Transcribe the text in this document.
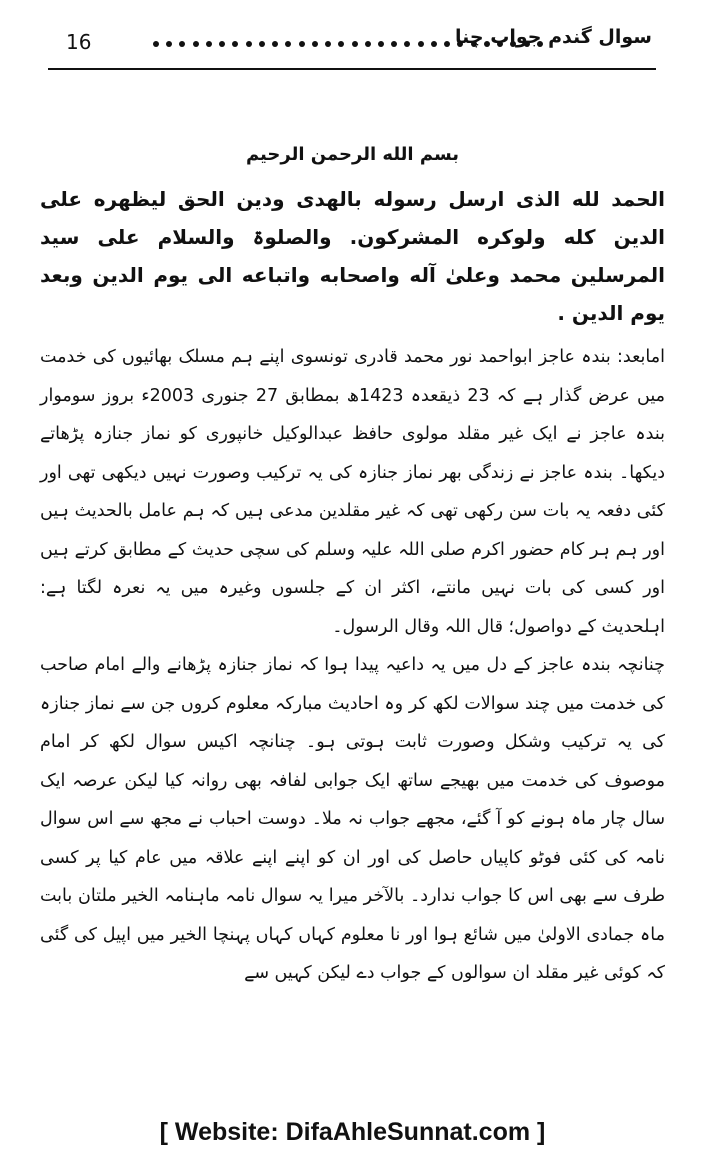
16	سوال گندم جواب چنا

بسم الله الرحمن الرحیم

الحمد لله الذی ارسل رسوله بالهدی ودین الحق لیظهره علی الدین کله ولوکره المشرکون. والصلوۃ والسلام علی سید المرسلین محمد وعلیٰ آله واصحابه واتباعه الی یوم الدین وبعد یوم الدین .

امابعد: بندہ عاجز ابواحمد نور محمد قادری تونسوی اپنے ہم مسلک بھائیوں کی خدمت میں عرض گذار ہے کہ 23 ذیقعدہ 1423ھ بمطابق 27 جنوری 2003ء بروز سوموار بندہ عاجز نے ایک غیر مقلد مولوی حافظ عبدالوکیل خانپوری کو نماز جنازہ پڑھاتے دیکھا۔ بندہ عاجز نے زندگی بھر نماز جنازہ کی یہ ترکیب وصورت نہیں دیکھی تھی اور کئی دفعہ یہ بات سن رکھی تھی کہ غیر مقلدین مدعی ہیں کہ ہم عامل بالحدیث ہیں اور ہم ہر کام حضور اکرم صلی اللہ علیہ وسلم کی سچی حدیث کے مطابق کرتے ہیں اور کسی کی بات نہیں مانتے، اکثر ان کے جلسوں وغیرہ میں یہ نعرہ لگتا ہے: اہلحدیث کے دواصول؛ قال اللہ وقال الرسول۔

چنانچہ بندہ عاجز کے دل میں یہ داعیہ پیدا ہوا کہ نماز جنازہ پڑھانے والے امام صاحب کی خدمت میں چند سوالات لکھ کر وہ احادیث مبارکہ معلوم کروں جن سے نماز جنازہ کی یہ ترکیب وشکل وصورت ثابت ہوتی ہو۔ چنانچہ اکیس سوال لکھ کر امام موصوف کی خدمت میں بھیجے ساتھ ایک جوابی لفافہ بھی روانہ کیا لیکن عرصہ ایک سال چار ماہ ہونے کو آ گئے، مجھے جواب نہ ملا۔ دوست احباب نے مجھ سے اس سوال نامہ کی کئی فوٹو کاپیاں حاصل کی اور ان کو اپنے اپنے علاقہ میں عام کیا پر کسی طرف سے بھی اس کا جواب ندارد۔ بالآخر میرا یہ سوال نامہ ماہنامہ الخیر ملتان بابت ماہ جمادی الاولیٰ میں شائع ہوا اور نا معلوم کہاں کہاں پہنچا الخیر میں اپیل کی گئی کہ کوئی غیر مقلد ان سوالوں کے جواب دے لیکن کہیں سے

[ Website: DifaAhleSunnat.com ]
